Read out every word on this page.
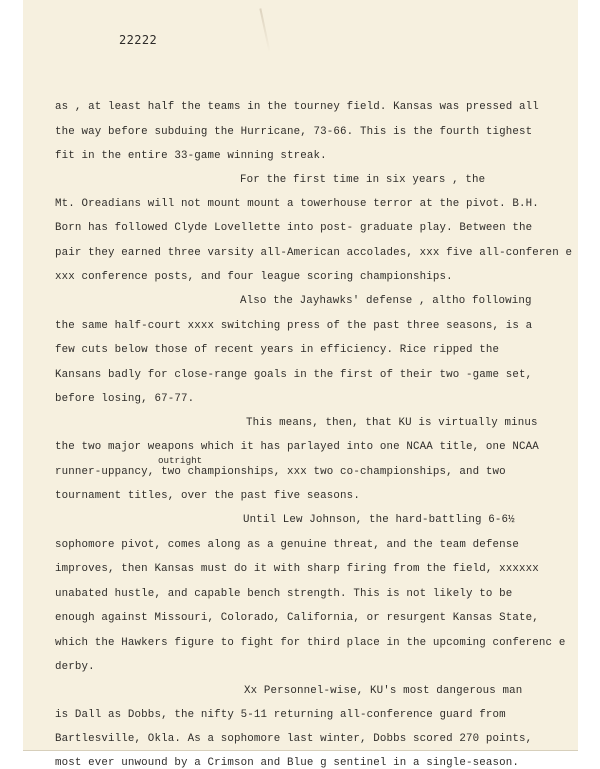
22222
as , at least half the teams in the tourney field. Kansas was pressed all
the way before subduing the Hurricane, 73-66. This is the fourth tighest
fit in the entire 33-game winning streak.
For the first time in six years , the
Mt. Oreadians will not mount mount a towerhouse terror at the pivot. B.H.
Born has followed Clyde Lovellette into post- graduate play. Between the
pair they earned three varsity all-American accolades, xxx five all-conferen e
xxx conference posts, and four league scoring championships.
Also the Jayhawks' defense , altho following
the same half-court xxxx switching press of the past three seasons, is a
few cuts below those of recent years in efficiency. Rice ripped the
Kansans badly for close-range goals in the first of their two -game set,
before losing, 67-77.
This means, then, that KU is virtually minus
the two major weapons which it has parlayed into one NCAA title, one NCAA
outright
runner-uppancy, two championships, xxx two co-championships, and two
tournament titles, over the past five seasons.
Until Lew Johnson, the hard-battling 6-6½
sophomore pivot, comes along as a genuine threat, and the team defense
improves, then Kansas must do it with sharp firing from the field, xxxxxx
unabated hustle, and capable bench strength. This is not likely to be
enough against Missouri, Colorado, California, or resurgent Kansas State,
which the Hawkers figure to fight for third place in the upcoming conferenc e
derby.
Xx Personnel-wise, KU's most dangerous man
is Dall as Dobbs, the nifty 5-11 returning all-conference guard from
Bartlesville, Okla. As a sophomore last winter, Dobbs scored 270 points,
most ever unwound by a Crimson and Blue g sentinel in a single-season.
